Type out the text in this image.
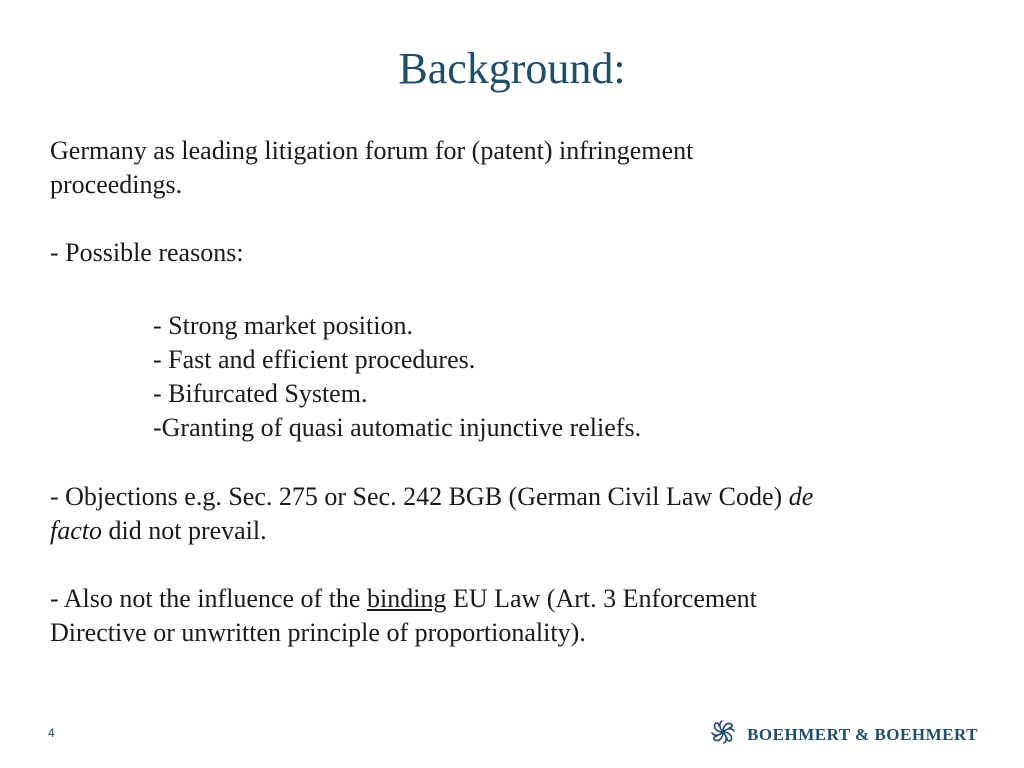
Background:

Germany as leading litigation forum for (patent) infringement
proceedings.

- Possible reasons:

- Strong market position.
- Fast and efficient procedures.
- Bifurcated System.
-Granting of quasi automatic injunctive reliefs.

- Objections e.g. Sec. 275 or Sec. 242 BGB (German Civil Law Code) de
facto did not prevail.

- Also not the influence of the binding EU Law (Art. 3 Enforcement
Directive or unwritten principle of proportionality).

4	BOEHMERT & BOEHMERT
